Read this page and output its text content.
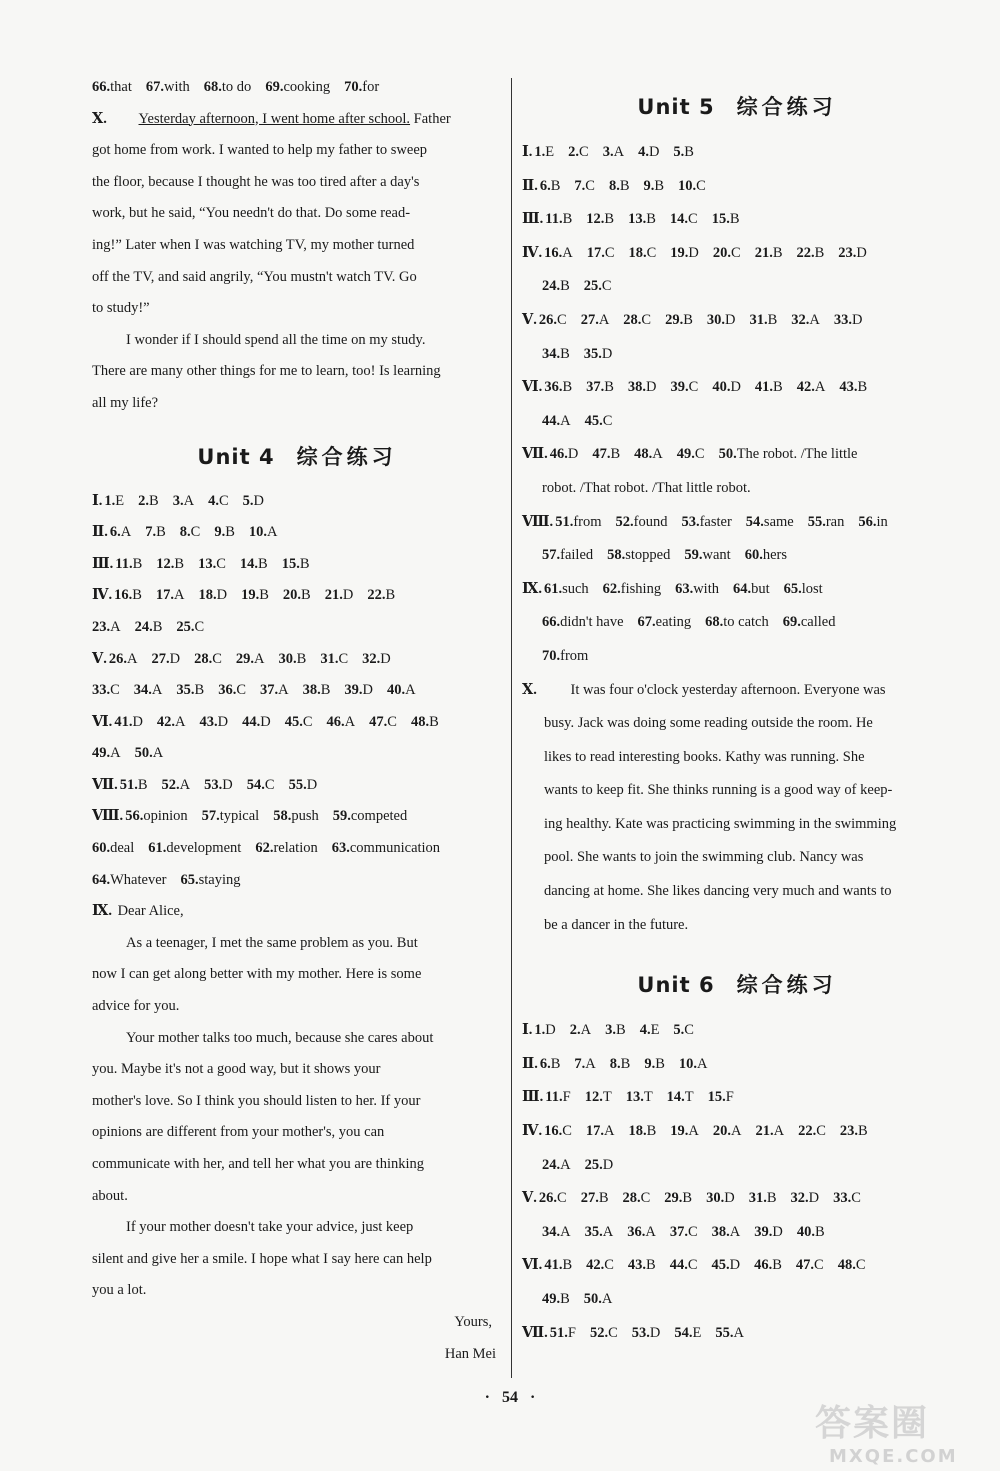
66.that 67.with 68.to do 69.cooking 70.for
Ⅹ. Yesterday afternoon, I went home after school. Father
got home from work. I wanted to help my father to sweep
the floor, because I thought he was too tired after a day's
work, but he said, “You needn't do that. Do some read-
ing!” Later when I was watching TV, my mother turned
off the TV, and said angrily, “You mustn't watch TV. Go
to study!”
I wonder if I should spend all the time on my study.
There are many other things for me to learn, too! Is learning
all my life?
Unit 4 综合练习
Ⅰ. 1.E 2.B 3.A 4.C 5.D
Ⅱ. 6.A 7.B 8.C 9.B 10.A
Ⅲ. 11.B 12.B 13.C 14.B 15.B
Ⅳ. 16.B 17.A 18.D 19.B 20.B 21.D 22.B
23.A 24.B 25.C
Ⅴ. 26.A 27.D 28.C 29.A 30.B 31.C 32.D
33.C 34.A 35.B 36.C 37.A 38.B 39.D 40.A
Ⅵ. 41.D 42.A 43.D 44.D 45.C 46.A 47.C 48.B
49.A 50.A
Ⅶ. 51.B 52.A 53.D 54.C 55.D
Ⅷ. 56.opinion 57.typical 58.push 59.competed
60.deal 61.development 62.relation 63.communication
64.Whatever 65.staying
Ⅸ. Dear Alice,
As a teenager, I met the same problem as you. But
now I can get along better with my mother. Here is some
advice for you.
Your mother talks too much, because she cares about
you. Maybe it's not a good way, but it shows your
mother's love. So I think you should listen to her. If your
opinions are different from your mother's, you can
communicate with her, and tell her what you are thinking
about.
If your mother doesn't take your advice, just keep
silent and give her a smile. I hope what I say here can help
you a lot.
Yours,
Han Mei
Unit 5 综合练习
Ⅰ. 1.E 2.C 3.A 4.D 5.B
Ⅱ. 6.B 7.C 8.B 9.B 10.C
Ⅲ. 11.B 12.B 13.B 14.C 15.B
Ⅳ. 16.A 17.C 18.C 19.D 20.C 21.B 22.B 23.D
24.B 25.C
Ⅴ. 26.C 27.A 28.C 29.B 30.D 31.B 32.A 33.D
34.B 35.D
Ⅵ. 36.B 37.B 38.D 39.C 40.D 41.B 42.A 43.B
44.A 45.C
Ⅶ. 46.D 47.B 48.A 49.C 50.The robot. /The little
robot. /That robot. /That little robot.
Ⅷ. 51.from 52.found 53.faster 54.same 55.ran 56.in
57.failed 58.stopped 59.want 60.hers
Ⅸ. 61.such 62.fishing 63.with 64.but 65.lost
66.didn't have 67.eating 68.to catch 69.called
70.from
Ⅹ. It was four o'clock yesterday afternoon. Everyone was
busy. Jack was doing some reading outside the room. He
likes to read interesting books. Kathy was running. She
wants to keep fit. She thinks running is a good way of keep-
ing healthy. Kate was practicing swimming in the swimming
pool. She wants to join the swimming club. Nancy was
dancing at home. She likes dancing very much and wants to
be a dancer in the future.
Unit 6 综合练习
Ⅰ. 1.D 2.A 3.B 4.E 5.C
Ⅱ. 6.B 7.A 8.B 9.B 10.A
Ⅲ. 11.F 12.T 13.T 14.T 15.F
Ⅳ. 16.C 17.A 18.B 19.A 20.A 21.A 22.C 23.B
24.A 25.D
Ⅴ. 26.C 27.B 28.C 29.B 30.D 31.B 32.D 33.C
34.A 35.A 36.A 37.C 38.A 39.D 40.B
Ⅵ. 41.B 42.C 43.B 44.C 45.D 46.B 47.C 48.C
49.B 50.A
Ⅶ. 51.F 52.C 53.D 54.E 55.A
· 54 ·
答案圈
MXQE.COM
